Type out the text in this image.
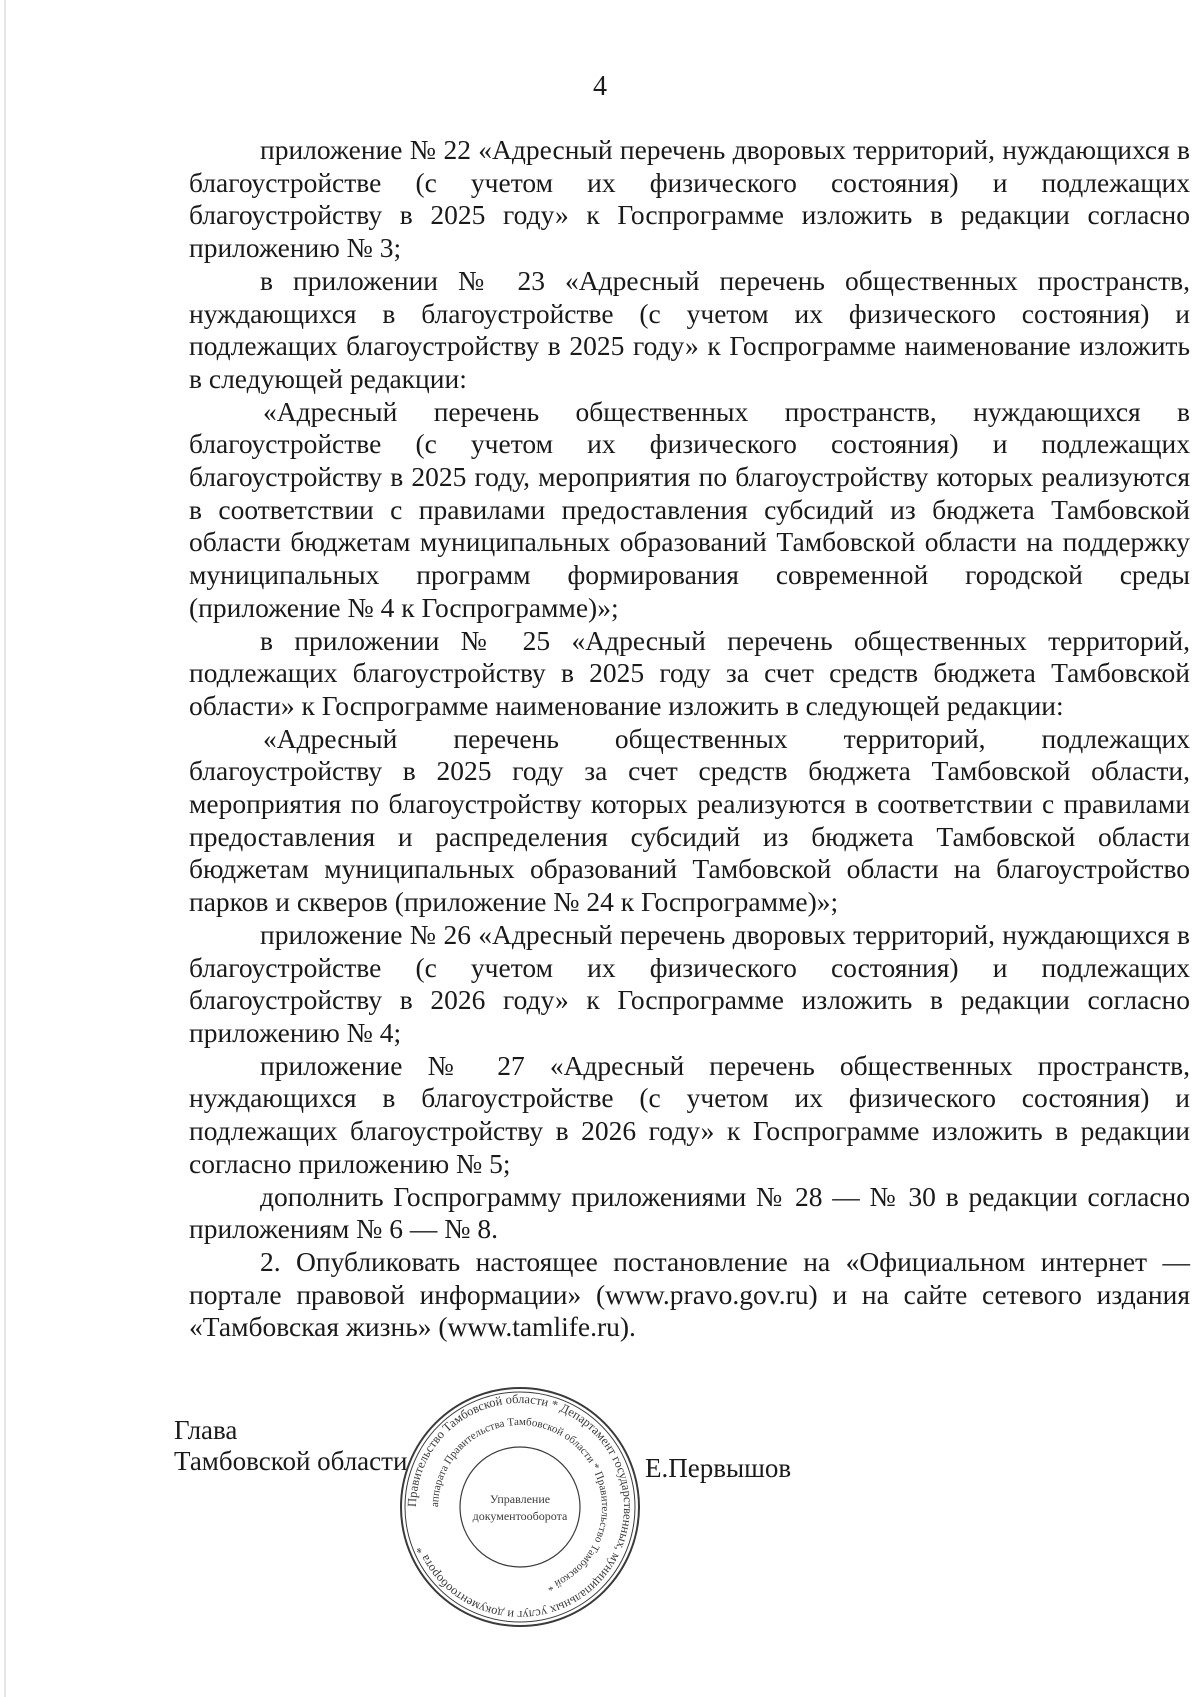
4

приложение № 22 «Адресный перечень дворовых территорий, нуждающихся в благоустройстве (с учетом их физического состояния) и подлежащих благоустройству в 2025 году» к Госпрограмме изложить в редакции согласно приложению № 3;

в приложении № 23 «Адресный перечень общественных пространств, нуждающихся в благоустройстве (с учетом их физического состояния) и подлежащих благоустройству в 2025 году» к Госпрограмме наименование изложить в следующей редакции:

«Адресный перечень общественных пространств, нуждающихся в благоустройстве (с учетом их физического состояния) и подлежащих благоустройству в 2025 году, мероприятия по благоустройству которых реализуются в соответствии с правилами предоставления субсидий из бюджета Тамбовской области бюджетам муниципальных образований Тамбовской области на поддержку муниципальных программ формирования современной городской среды (приложение № 4 к Госпрограмме)»;

в приложении № 25 «Адресный перечень общественных территорий, подлежащих благоустройству в 2025 году за счет средств бюджета Тамбовской области» к Госпрограмме наименование изложить в следующей редакции:

«Адресный перечень общественных территорий, подлежащих благоустройству в 2025 году за счет средств бюджета Тамбовской области, мероприятия по благоустройству которых реализуются в соответствии с правилами предоставления и распределения субсидий из бюджета Тамбовской области бюджетам муниципальных образований Тамбовской области на благоустройство парков и скверов (приложение № 24 к Госпрограмме)»;

приложение № 26 «Адресный перечень дворовых территорий, нуждающихся в благоустройстве (с учетом их физического состояния) и подлежащих благоустройству в 2026 году» к Госпрограмме изложить в редакции согласно приложению № 4;

приложение № 27 «Адресный перечень общественных пространств, нуждающихся в благоустройстве (с учетом их физического состояния) и подлежащих благоустройству в 2026 году» к Госпрограмме изложить в редакции согласно приложению № 5;

дополнить Госпрограмму приложениями № 28 — № 30 в редакции согласно приложениям № 6 — № 8.

2. Опубликовать настоящее постановление на «Официальном интернет — портале правовой информации» (www.pravo.gov.ru) и на сайте сетевого издания «Тамбовская жизнь» (www.tamlife.ru).

Глава
Тамбовской области	Е.Первышов
Правительство Тамбовской области * Департамент государственных, муниципальных услуг и документооборота *
аппарата Правительства Тамбовской области * Правительство Тамбовской *
Управление
документооборота
